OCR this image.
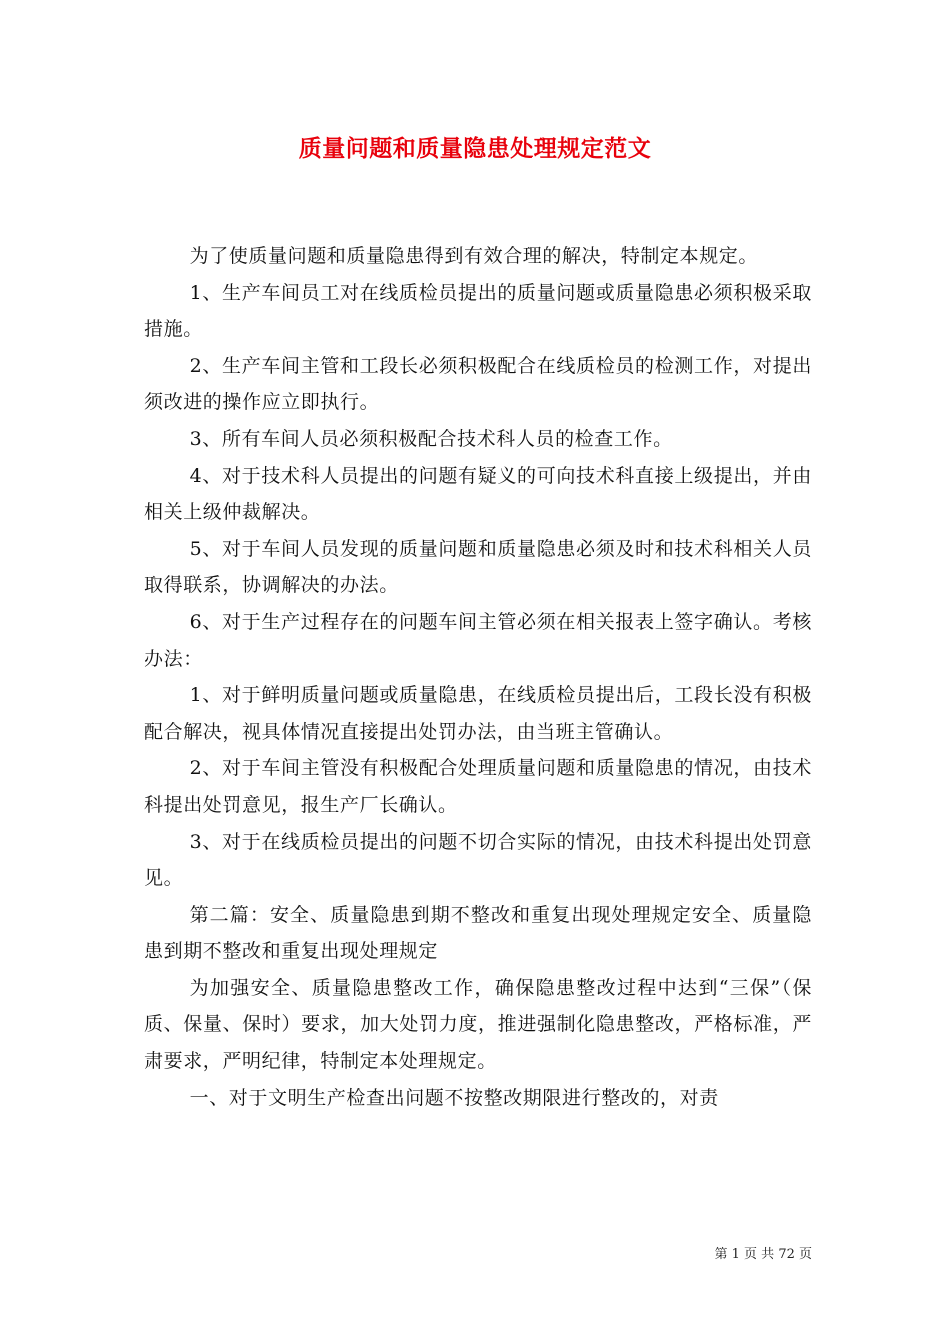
质量问题和质量隐患处理规定范文

为了使质量问题和质量隐患得到有效合理的解决，特制定本规定。

1、生产车间员工对在线质检员提出的质量问题或质量隐患必须积极采取措施。

2、生产车间主管和工段长必须积极配合在线质检员的检测工作，对提出须改进的操作应立即执行。

3、所有车间人员必须积极配合技术科人员的检查工作。

4、对于技术科人员提出的问题有疑义的可向技术科直接上级提出，并由相关上级仲裁解决。

5、对于车间人员发现的质量问题和质量隐患必须及时和技术科相关人员取得联系，协调解决的办法。

6、对于生产过程存在的问题车间主管必须在相关报表上签字确认。考核办法：

1、对于鲜明质量问题或质量隐患，在线质检员提出后，工段长没有积极配合解决，视具体情况直接提出处罚办法，由当班主管确认。

2、对于车间主管没有积极配合处理质量问题和质量隐患的情况，由技术科提出处罚意见，报生产厂长确认。

3、对于在线质检员提出的问题不切合实际的情况，由技术科提出处罚意见。

第二篇：安全、质量隐患到期不整改和重复出现处理规定安全、质量隐患到期不整改和重复出现处理规定

为加强安全、质量隐患整改工作，确保隐患整改过程中达到“三保”（保质、保量、保时）要求，加大处罚力度，推进强制化隐患整改，严格标准，严肃要求，严明纪律，特制定本处理规定。

一、对于文明生产检查出问题不按整改期限进行整改的，对责

第 1 页 共 72 页
